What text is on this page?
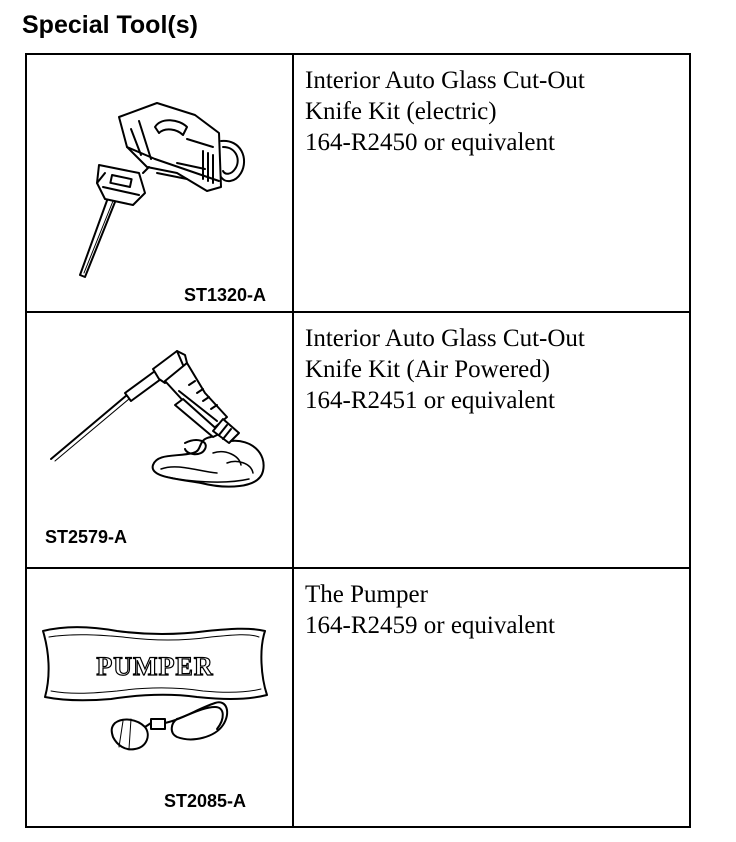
Special Tool(s)
ST1320-A	Interior Auto Glass Cut-Out
Knife Kit (electric)
164-R2450 or equivalent

ST2579-A	Interior Auto Glass Cut-Out
Knife Kit (Air Powered)
164-R2451 or equivalent

PUMPER
ST2085-A	The Pumper
164-R2459 or equivalent
